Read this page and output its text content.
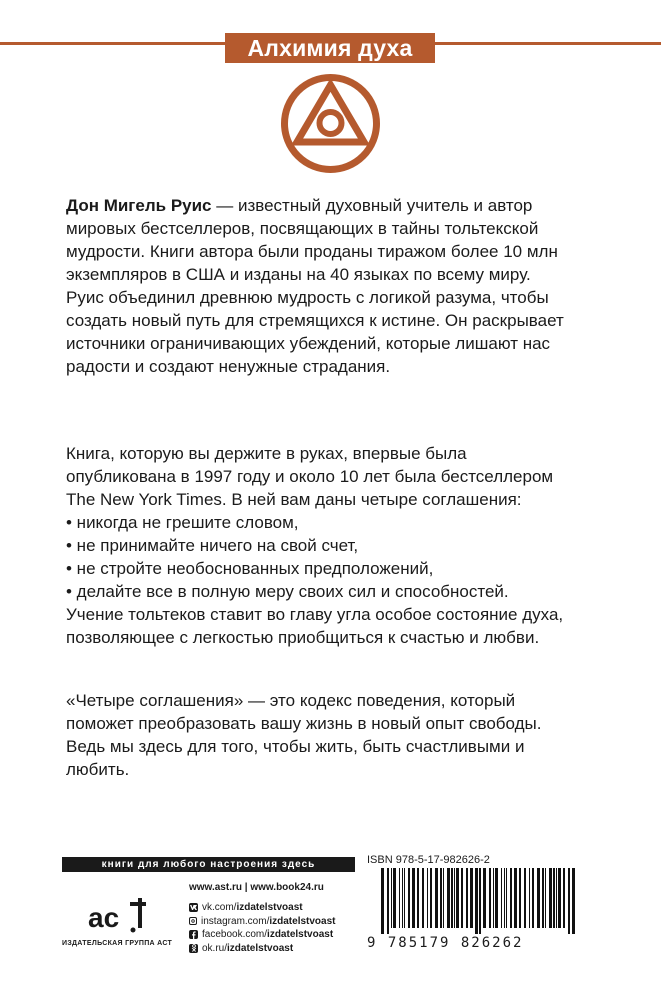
Алхимия духа
Дон Мигель Руис — известный духовный учитель и автор
мировых бестселлеров, посвящающих в тайны тольтекской
мудрости. Книги автора были проданы тиражом более 10 млн
экземпляров в США и изданы на 40 языках по всему миру.
Руис объединил древнюю мудрость с логикой разума, чтобы
создать новый путь для стремящихся к истине. Он раскрывает
источники ограничивающих убеждений, которые лишают нас
радости и создают ненужные страдания.
Книга, которую вы держите в руках, впервые была
опубликована в 1997 году и около 10 лет была бестселлером
The New York Times. В ней вам даны четыре соглашения:
• никогда не грешите словом,
• не принимайте ничего на свой счет,
• не стройте необоснованных предположений,
• делайте все в полную меру своих сил и способностей.
Учение тольтеков ставит во главу угла особое состояние духа,
позволяющее с легкостью приобщиться к счастью и любви.
«Четыре соглашения» — это кодекс поведения, который
поможет преобразовать вашу жизнь в новый опыт свободы.
Ведь мы здесь для того, чтобы жить, быть счастливыми и
любить.
книги для любого настроения здесь
ac
ИЗДАТЕЛЬСКАЯ ГРУППА АСТ
www.ast.ru | www.book24.ru
vk.com/ izdatelstvoast
instagram.com/ izdatelstvoast
facebook.com/ izdatelstvoast
ok.ru/ izdatelstvoast
ISBN 978-5-17-982626-2
9 785179 826262
